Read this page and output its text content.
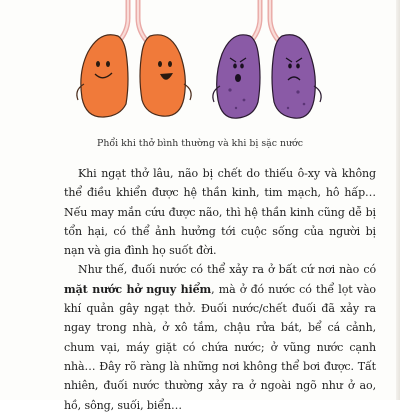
Phổi khi thở bình thường và khi bị sặc nước

Khi ngạt thở lâu, não bị chết do thiếu ô-xy và không thể điều khiển được hệ thần kinh, tim mạch, hô hấp… Nếu may mắn cứu được não, thì hệ thần kinh cũng dễ bị tổn hại, có thể ảnh hưởng tới cuộc sống của người bị nạn và gia đình họ suốt đời.

Như thế, đuối nước có thể xảy ra ở bất cứ nơi nào có mặt nước hở nguy hiểm, mà ở đó nước có thể lọt vào khí quản gây ngạt thở. Đuối nước/chết đuối đã xảy ra ngay trong nhà, ở xô tắm, chậu rửa bát, bể cá cảnh, chum vại, máy giặt có chứa nước; ở vũng nước cạnh nhà… Đây rõ ràng là những nơi không thể bơi được. Tất nhiên, đuối nước thường xảy ra ở ngoài ngõ như ở ao, hồ, sông, suối, biển…
